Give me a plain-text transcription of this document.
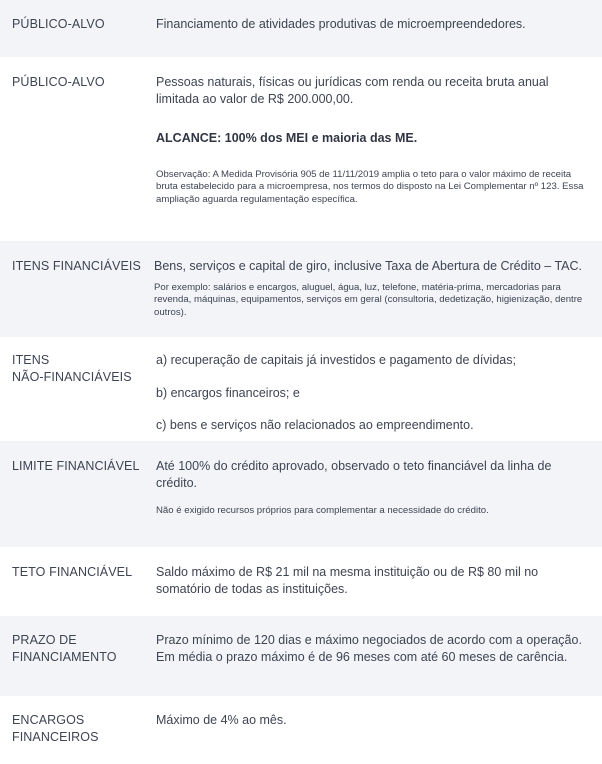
PÚBLICO-ALVO	Financiamento de atividades produtivas de microempreendedores.

PÚBLICO-ALVO	Pessoas naturais, físicas ou jurídicas com renda ou receita bruta anual limitada ao valor de R$ 200.000,00.

ALCANCE: 100% dos MEI e maioria das ME.

Observação: A Medida Provisória 905 de 11/11/2019 amplia o teto para o valor máximo de receita bruta estabelecido para a microempresa, nos termos do disposto na Lei Complementar nº 123. Essa ampliação aguarda regulamentação específica.

ITENS FINANCIÁVEIS Bens, serviços e capital de giro, inclusive Taxa de Abertura de Crédito – TAC.

Por exemplo: salários e encargos, aluguel, água, luz, telefone, matéria-prima, mercadorias para revenda, máquinas, equipamentos, serviços em geral (consultoria, dedetização, higienização, dentre outros).

ITENS
NÃO-FINANCIÁVEIS

a) recuperação de capitais já investidos e pagamento de dívidas;

b) encargos financeiros; e

c) bens e serviços não relacionados ao empreendimento.

LIMITE FINANCIÁVEL Até 100% do crédito aprovado, observado o teto financiável da linha de crédito.

Não é exigido recursos próprios para complementar a necessidade do crédito.

TETO FINANCIÁVEL Saldo máximo de R$ 21 mil na mesma instituição ou de R$ 80 mil no somatório de todas as instituições.

PRAZO DE
FINANCIAMENTO

Prazo mínimo de 120 dias e máximo negociados de acordo com a operação.

Em média o prazo máximo é de 96 meses com até 60 meses de carência.

ENCARGOS
FINANCEIROS

Máximo de 4% ao mês.
